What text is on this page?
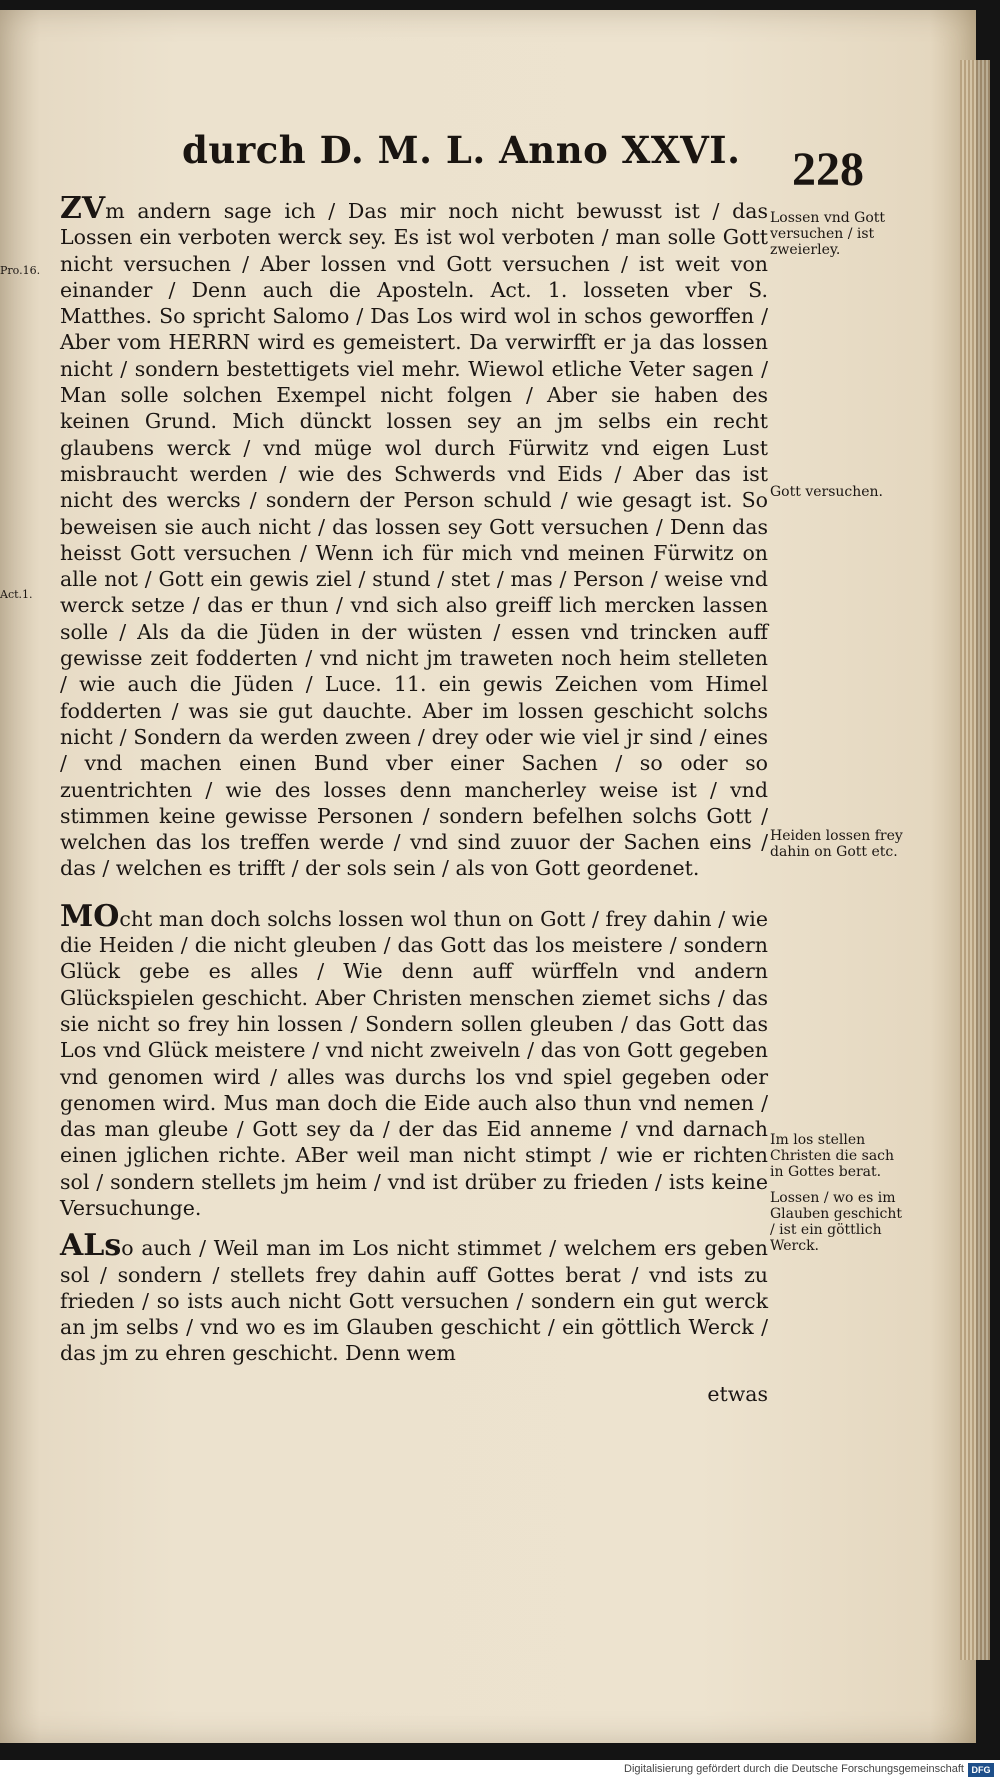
durch D. M. L. Anno XXVI. 228
Pro.16.
Act.1.

ZVm andern sage ich / Das mir noch nicht bewusst ist / das Lossen ein verboten werck sey. Es ist wol verboten / man solle Gott nicht versuchen / Aber lossen vnd Gott versuchen / ist weit von einander / Denn auch die Aposteln. Act. 1. losseten vber S. Matthes. So spricht Salomo / Das Los wird wol in schos geworffen / Aber vom HERRN wird es gemeistert. Da verwirfft er ja das lossen nicht / sondern bestettigets viel mehr. Wiewol etliche Veter sagen / Man solle solchen Exempel nicht folgen / Aber sie haben des keinen Grund. Mich dünckt lossen sey an jm selbs ein recht glaubens werck / vnd müge wol durch Fürwitz vnd eigen Lust misbraucht werden / wie des Schwerds vnd Eids / Aber das ist nicht des wercks / sondern der Person schuld / wie gesagt ist. So beweisen sie auch nicht / das lossen sey Gott versuchen / Denn das heisst Gott versuchen / Wenn ich für mich vnd meinen Fürwitz on alle not / Gott ein gewis ziel / stund / stet / mas / Person / weise vnd werck setze / das er thun / vnd sich also greiff lich mercken lassen solle / Als da die Jüden in der wüsten / essen vnd trincken auff gewisse zeit fodderten / vnd nicht jm traweten noch heim stelleten / wie auch die Jüden / Luce. 11. ein gewis Zeichen vom Himel fodderten / was sie gut dauchte. Aber im lossen geschicht solchs nicht / Sondern da werden zween / drey oder wie viel jr sind / eines / vnd machen einen Bund vber einer Sachen / so oder so zuentrichten / wie des losses denn mancherley weise ist / vnd stimmen keine gewisse Personen / sondern befelhen solchs Gott / welchen das los treffen werde / vnd sind zuuor der Sachen eins / das / welchen es trifft / der sols sein / als von Gott geordenet.

MOcht man doch solchs lossen wol thun on Gott / frey dahin / wie die Heiden / die nicht gleuben / das Gott das los meistere / sondern Glück gebe es alles / Wie denn auff würffeln vnd andern Glückspielen geschicht. Aber Christen menschen ziemet sichs / das sie nicht so frey hin lossen / Sondern sollen gleuben / das Gott das Los vnd Glück meistere / vnd nicht zweiveln / das von Gott gegeben vnd genomen wird / alles was durchs los vnd spiel gegeben oder genomen wird. Mus man doch die Eide auch also thun vnd nemen / das man gleube / Gott sey da / der das Eid anneme / vnd darnach einen jglichen richte. ABer weil man nicht stimpt / wie er richten sol / sondern stellets jm heim / vnd ist drüber zu frieden / ists keine Versuchunge.

ALso auch / Weil man im Los nicht stimmet / welchem ers geben sol / sondern / stellets frey dahin auff Gottes berat / vnd ists zu frieden / so ists auch nicht Gott versuchen / sondern ein gut werck an jm selbs / vnd wo es im Glauben geschicht / ein göttlich Werck / das jm zu ehren geschicht. Denn wem

etwas
Lossen vnd Gott versuchen / ist zweierley.
Gott versuchen.
Heiden lossen frey dahin on Gott etc.
Im los stellen Christen die sach in Gottes berat.
Lossen / wo es im Glauben geschicht / ist ein göttlich Werck.
Digitalisierung gefördert durch die Deutsche Forschungsgemeinschaft DFG
